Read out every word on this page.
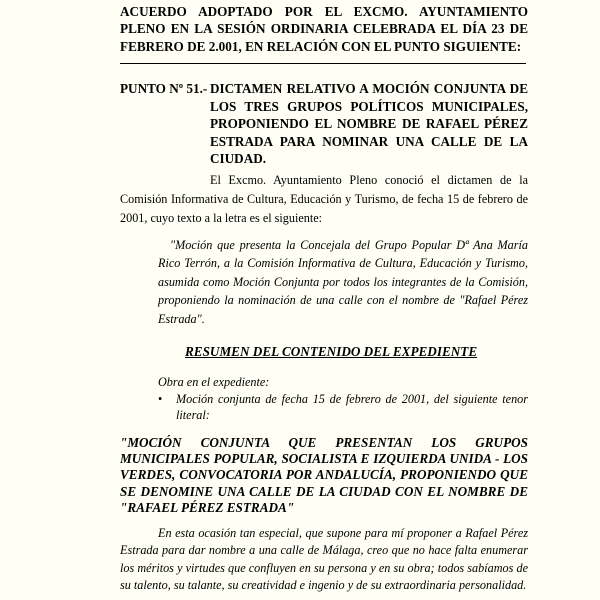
ACUERDO ADOPTADO POR EL EXCMO. AYUNTAMIENTO PLENO EN LA SESIÓN ORDINARIA CELEBRADA EL DÍA 23 DE FEBRERO DE 2.001, EN RELACIÓN CON EL PUNTO SIGUIENTE:
PUNTO Nº 51.- DICTAMEN RELATIVO A MOCIÓN CONJUNTA DE LOS TRES GRUPOS POLÍTICOS MUNICIPALES, PROPONIENDO EL NOMBRE DE RAFAEL PÉREZ ESTRADA PARA NOMINAR UNA CALLE DE LA CIUDAD.

El Excmo. Ayuntamiento Pleno conoció el dictamen de la Comisión Informativa de Cultura, Educación y Turismo, de fecha 15 de febrero de 2001, cuyo texto a la letra es el siguiente:

"Moción que presenta la Concejala del Grupo Popular Dª Ana María Rico Terrón, a la Comisión Informativa de Cultura, Educación y Turismo, asumida como Moción Conjunta por todos los integrantes de la Comisión, proponiendo la nominación de una calle con el nombre de "Rafael Pérez Estrada".

RESUMEN DEL CONTENIDO DEL EXPEDIENTE
Obra en el expediente:
•	Moción conjunta de fecha 15 de febrero de 2001, del siguiente tenor literal:
"MOCIÓN CONJUNTA QUE PRESENTAN LOS GRUPOS MUNICIPALES POPULAR, SOCIALISTA E IZQUIERDA UNIDA - LOS VERDES, CONVOCATORIA POR ANDALUCÍA, PROPONIENDO QUE SE DENOMINE UNA CALLE DE LA CIUDAD CON EL NOMBRE DE "RAFAEL PÉREZ ESTRADA"

En esta ocasión tan especial, que supone para mí proponer a Rafael Pérez Estrada para dar nombre a una calle de Málaga, creo que no hace falta enumerar los méritos y virtudes que confluyen en su persona y en su obra; todos sabíamos de su talento, su talante, su creatividad e ingenio y de su extraordinaria personalidad.
